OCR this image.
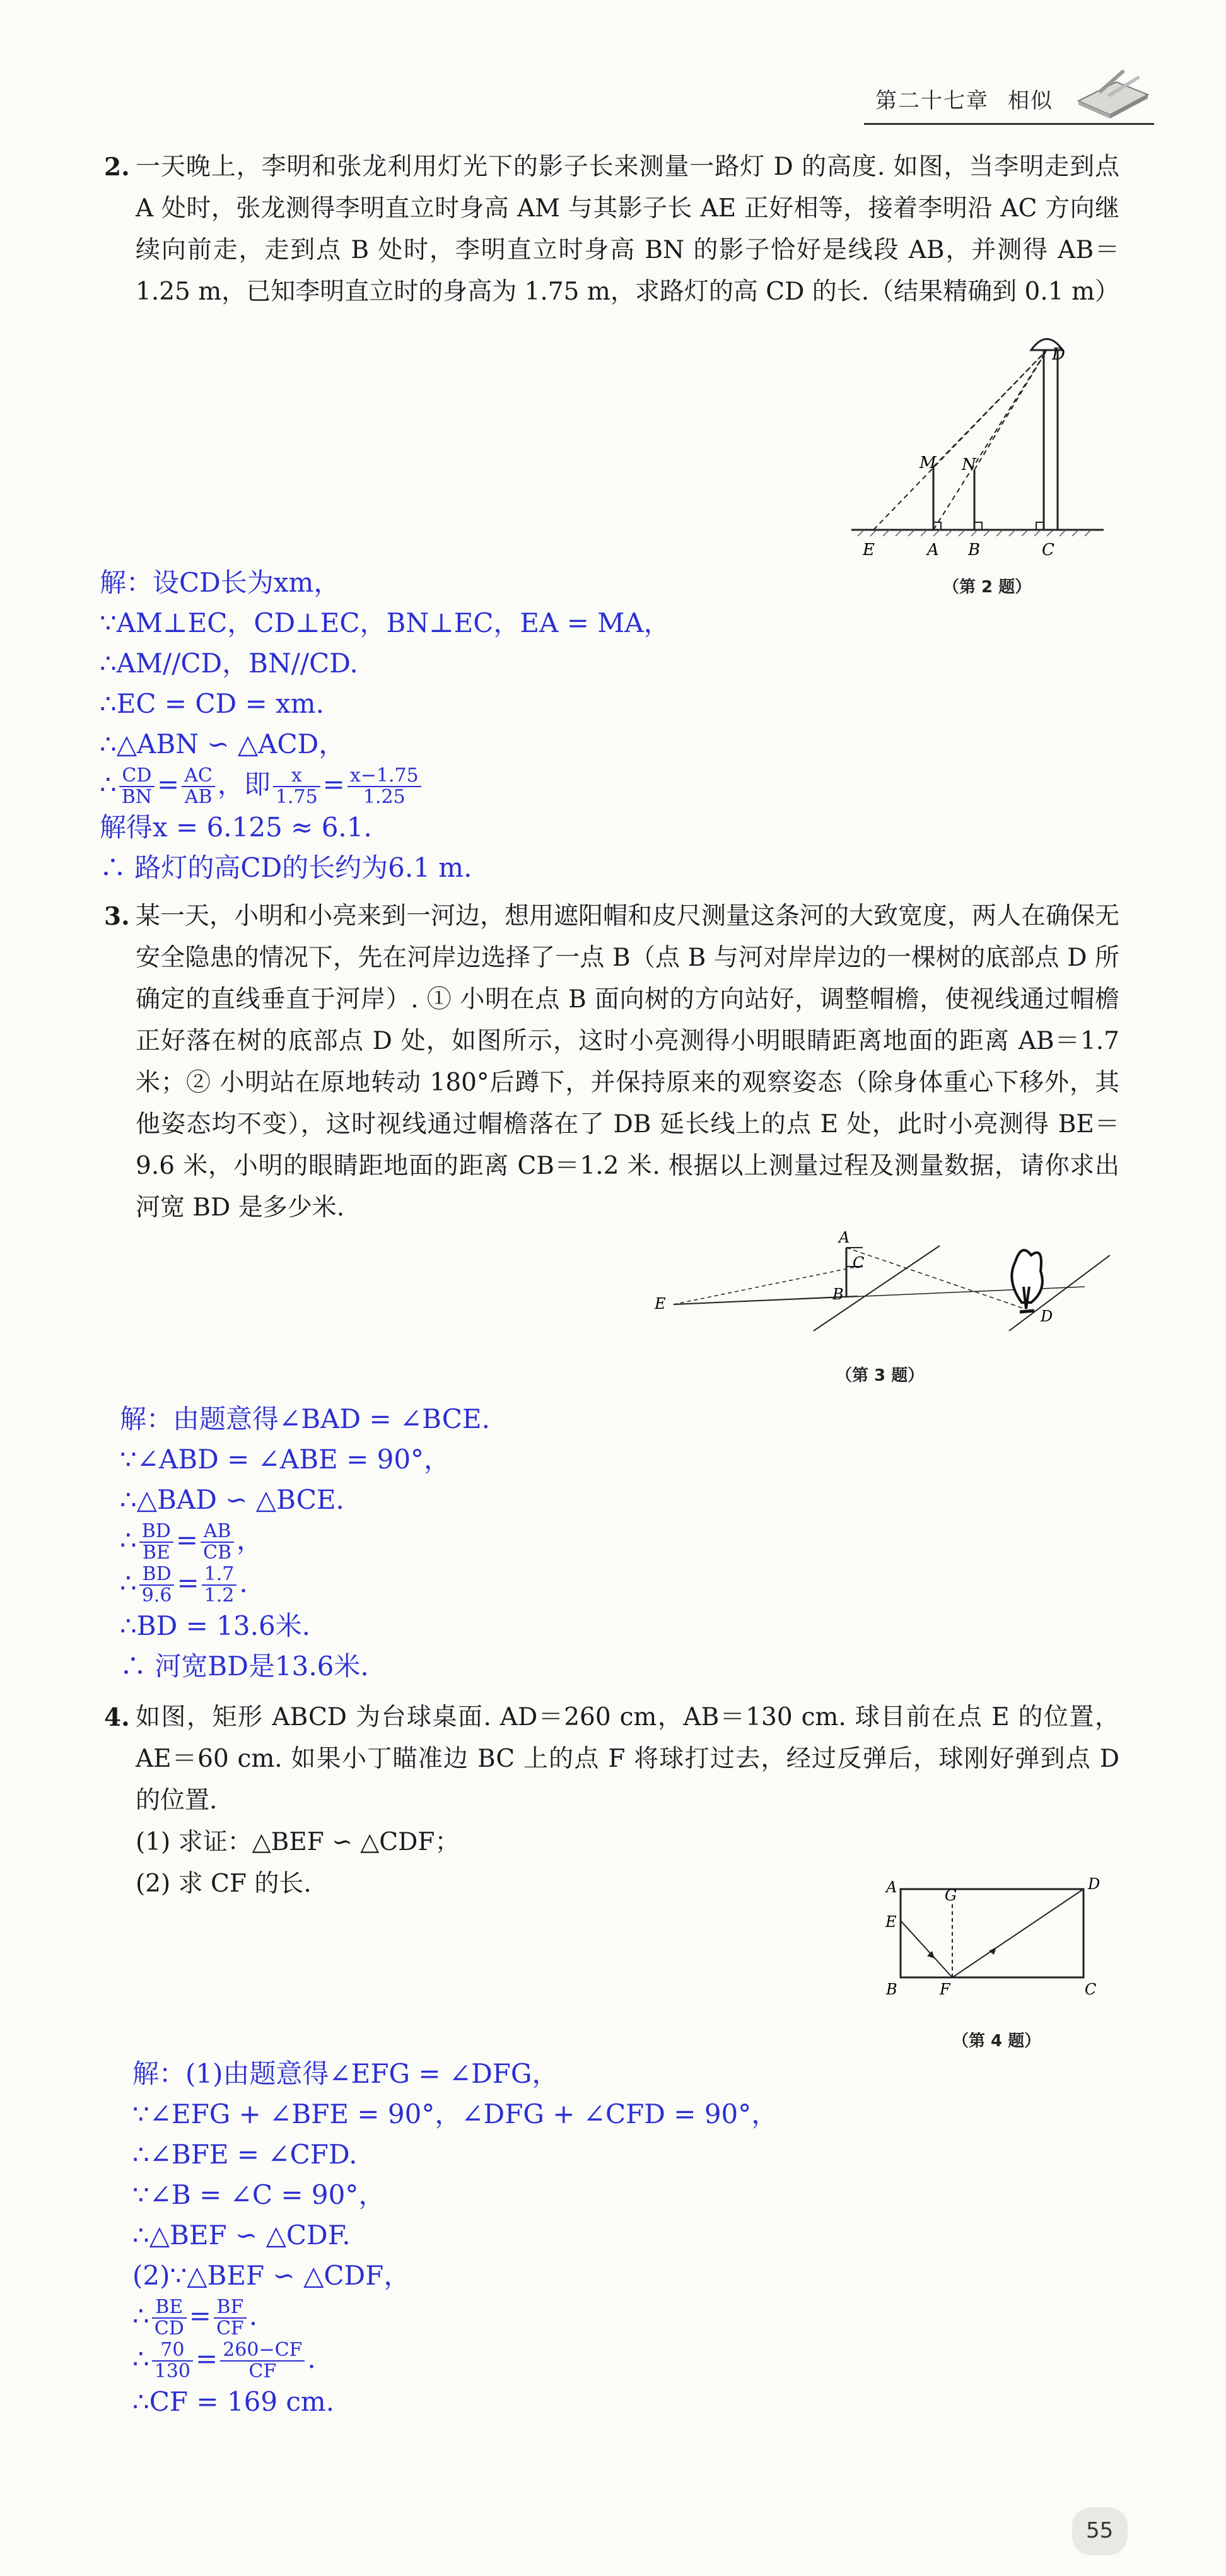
第二十七章 相似
2. 一天晚上，李明和张龙利用灯光下的影子长来测量一路灯 D 的高度. 如图，当李明走到点 A 处时，张龙测得李明直立时身高 AM 与其影子长 AE 正好相等，接着李明沿 AC 方向继续向前走，走到点 B 处时，李明直立时身高 BN 的影子恰好是线段 AB，并测得 AB＝1.25 m，已知李明直立时的身高为 1.75 m，求路灯的高 CD 的长.（结果精确到 0.1 m）
D
M N
E	A B	C
（第 2 题）
解：设CD长为xm，
∵AM⊥EC，CD⊥EC，BN⊥EC，EA = MA，
∴AM//CD，BN//CD.
∴EC = CD = xm.
∴△ABN ∽ △ACD，
∴ $\frac{CD}{BN} = \frac{AC}{AB}$ ，即 $\frac{x}{1.75} = \frac{x-1.75}{1.25}$
解得x = 6.125 ≈ 6.1.
∴ 路灯的高CD的长约为6.1 m.
3. 某一天，小明和小亮来到一河边，想用遮阳帽和皮尺测量这条河的大致宽度，两人在确保无安全隐患的情况下，先在河岸边选择了一点 B（点 B 与河对岸岸边的一棵树的底部点 D 所确定的直线垂直于河岸）. ① 小明在点 B 面向树的方向站好，调整帽檐，使视线通过帽檐正好落在树的底部点 D 处，如图所示，这时小亮测得小明眼睛距离地面的距离 AB＝1.7 米；② 小明站在原地转动 180°后蹲下，并保持原来的观察姿态（除身体重心下移外，其他姿态均不变），这时视线通过帽檐落在了 DB 延长线上的点 E 处，此时小亮测得 BE＝9.6 米，小明的眼睛距地面的距离 CB＝1.2 米. 根据以上测量过程及测量数据，请你求出河宽 BD 是多少米.
A
C
B
E
D
（第 3 题）
解：由题意得∠BAD = ∠BCE.
∵∠ABD = ∠ABE = 90°，
∴△BAD ∽ △BCE.
∴ $\frac{BD}{BE} = \frac{AB}{CB}$ ，
∴ $\frac{BD}{9.6} = \frac{1.7}{1.2}$ .
∴BD = 13.6米.
∴ 河宽BD是13.6米.
4. 如图，矩形 ABCD 为台球桌面. AD＝260 cm，AB＝130 cm. 球目前在点 E 的位置，AE＝60 cm. 如果小丁瞄准边 BC 上的点 F 将球打过去，经过反弹后，球刚好弹到点 D 的位置.
(1) 求证：△BEF ∽ △CDF；
(2) 求 CF 的长.	A	D
E
G
B	F	C
（第 4 题）
解：(1)由题意得∠EFG = ∠DFG，
∵∠EFG + ∠BFE = 90°，∠DFG + ∠CFD = 90°，
∴∠BFE = ∠CFD.
∵∠B = ∠C = 90°，
∴△BEF ∽ △CDF.
(2)∵△BEF ∽ △CDF，
∴ $\frac{BE}{CD} = \frac{BF}{CF}$ .
∴ $\frac{70}{130} = \frac{260-CF}{CF}$ .
∴CF = 169 cm.
55
